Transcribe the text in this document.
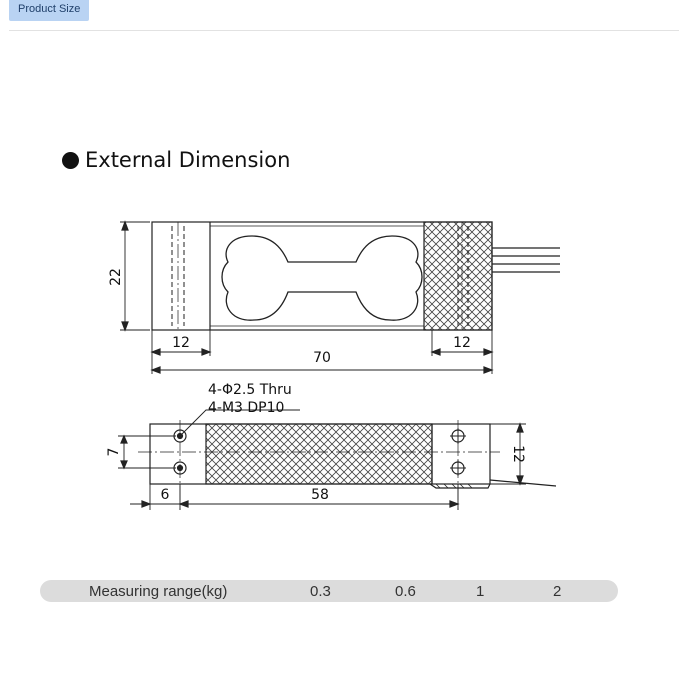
Product Size
External Dimension
22
12	12
70
4-Φ2.5 Thru
4-M3 DP10
7	12
6	58
Measuring range(kg)	0.3	0.6	1	2
